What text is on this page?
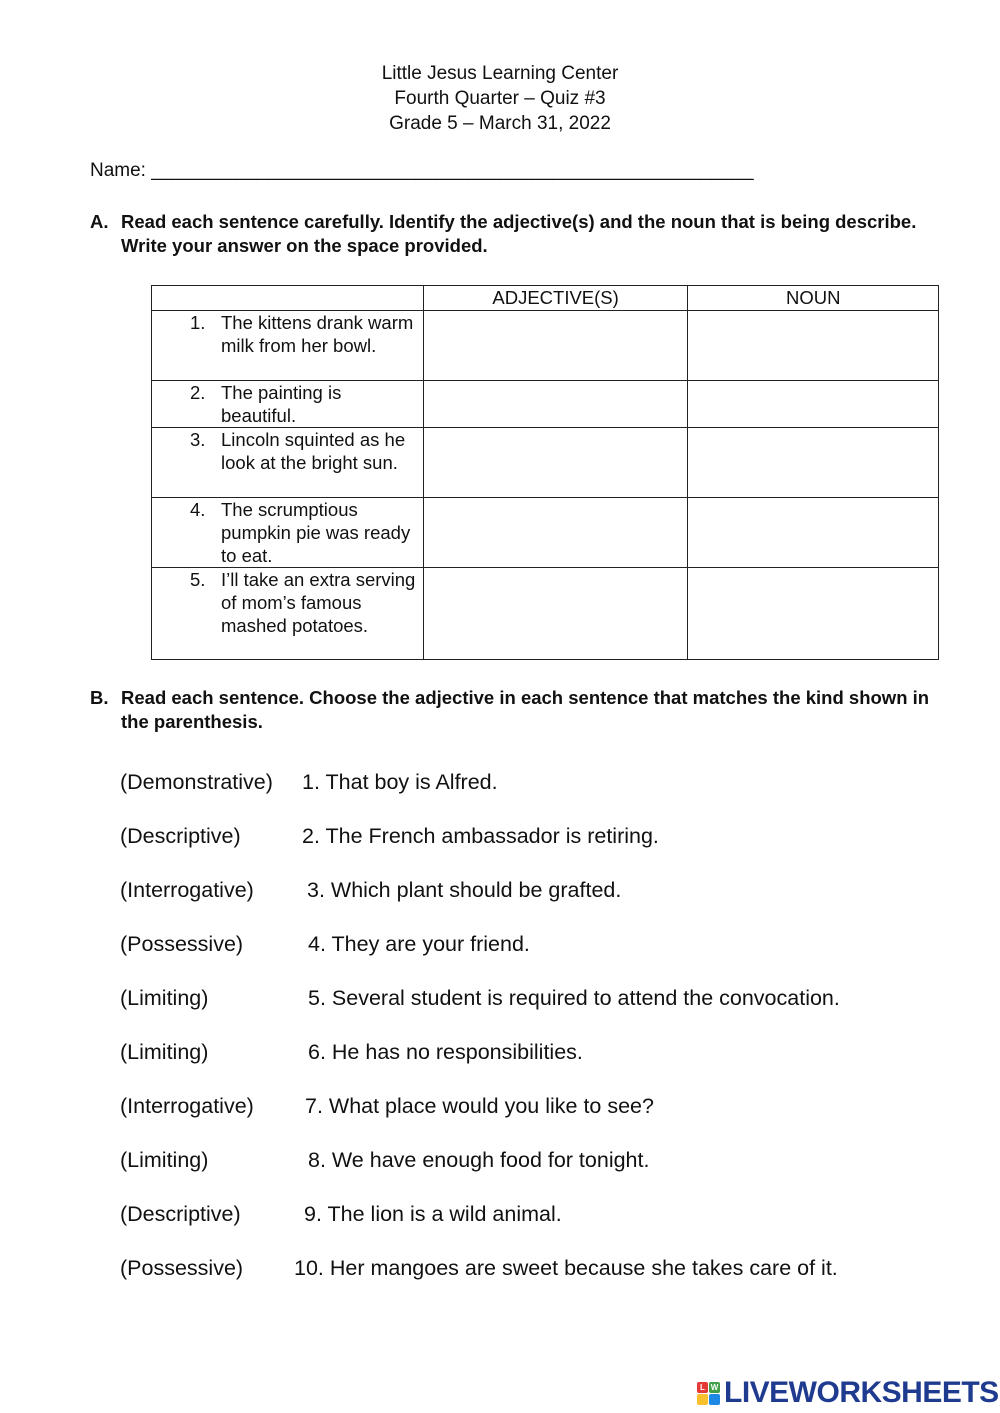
Little Jesus Learning Center
Fourth Quarter – Quiz #3
Grade 5 – March 31, 2022
Name: _________________________________________________________
A. Read each sentence carefully. Identify the adjective(s) and the noun that is being describe. Write your answer on the space provided.
	ADJECTIVE(S)	NOUN

1. The kittens drank warm milk from her bowl.		

2. The painting is beautiful.		

3. Lincoln squinted as he look at the bright sun.		

4. The scrumptious pumpkin pie was ready to eat.		

5. I’ll take an extra serving of mom’s famous mashed potatoes.		

B. Read each sentence. Choose the adjective in each sentence that matches the kind shown in the parenthesis.
(Demonstrative) 1. That boy is Alfred.
(Descriptive)	2. The French ambassador is retiring.
(Interrogative) 3. Which plant should be grafted.
(Possessive)	4. They are your friend.
(Limiting)	5. Several student is required to attend the convocation.
(Limiting)	6. He has no responsibilities.
(Interrogative) 7. What place would you like to see?
(Limiting)	8. We have enough food for tonight.
(Descriptive)	9. The lion is a wild animal.
(Possessive) 10. Her mangoes are sweet because she takes care of it.
L W LIVEWORKSHEETS
